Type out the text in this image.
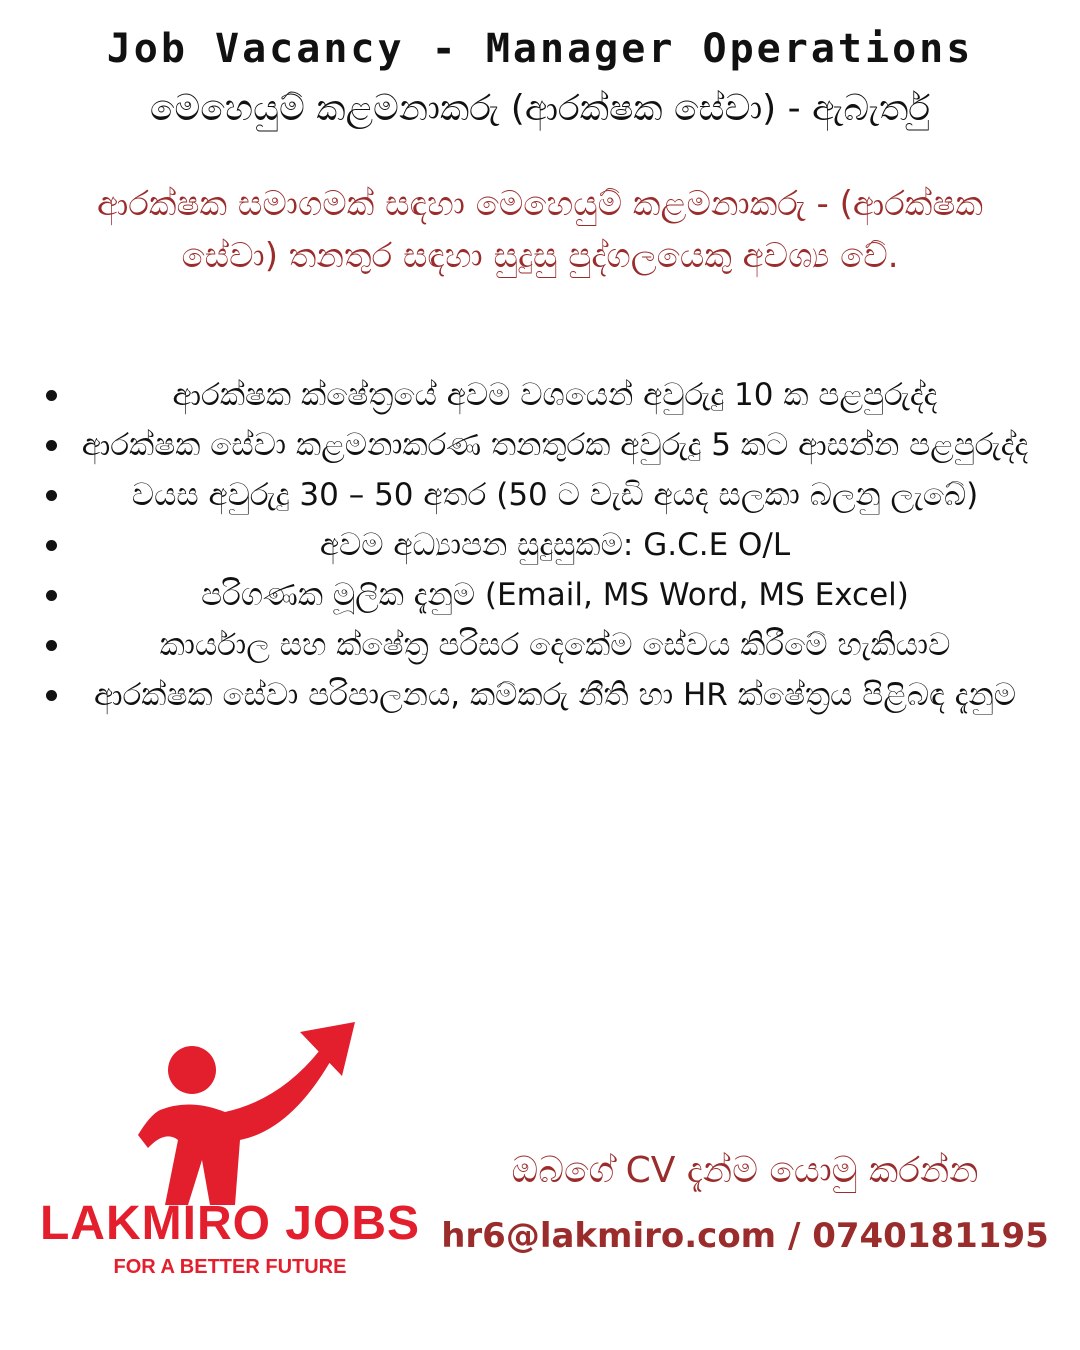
Job Vacancy - Manager Operations
මෙහෙයුම් කළමනාකරු (ආරක්ෂක සේවා) - ඇබැර්තු
ආරක්ෂක සමාගමක් සඳහා මෙහෙයුම් කළමනාකරු - (ආරක්ෂක සේවා) තනතුර සඳහා සුදුසු පුද්ගලයෙකු අවශ්‍ය වේ.
ආරක්ෂක ක්ෂේත්‍රයේ අවම වශයෙන් අවුරුදු 10 ක පළපුරුද්ද
ආරක්ෂක සේවා කළමනාකරණ තනතුරක අවුරුදු 5 කට ආසන්න පළපුරුද්ද
වයස අවුරුදු 30 – 50 අතර (50 ට වැඩි අයද සලකා බලනු ලැබේ)
අවම අධ්‍යාපන සුදුසුකම: G.C.E O/L
පරිගණක මූලික දැනුම (Email, MS Word, MS Excel)
කාර්යාල සහ ක්ෂේත්‍ර පරිසර දෙකේම සේවය කිරීමේ හැකියාව
ආරක්ෂක සේවා පරිපාලනය, කම්කරු නීති හා HR ක්ෂේත්‍රය පිළිබඳ දැනුම
LAKMIRO JOBS
FOR A BETTER FUTURE
ඔබගේ CV දැන්ම යොමු කරන්න
hr6@lakmiro.com / 0740181195
